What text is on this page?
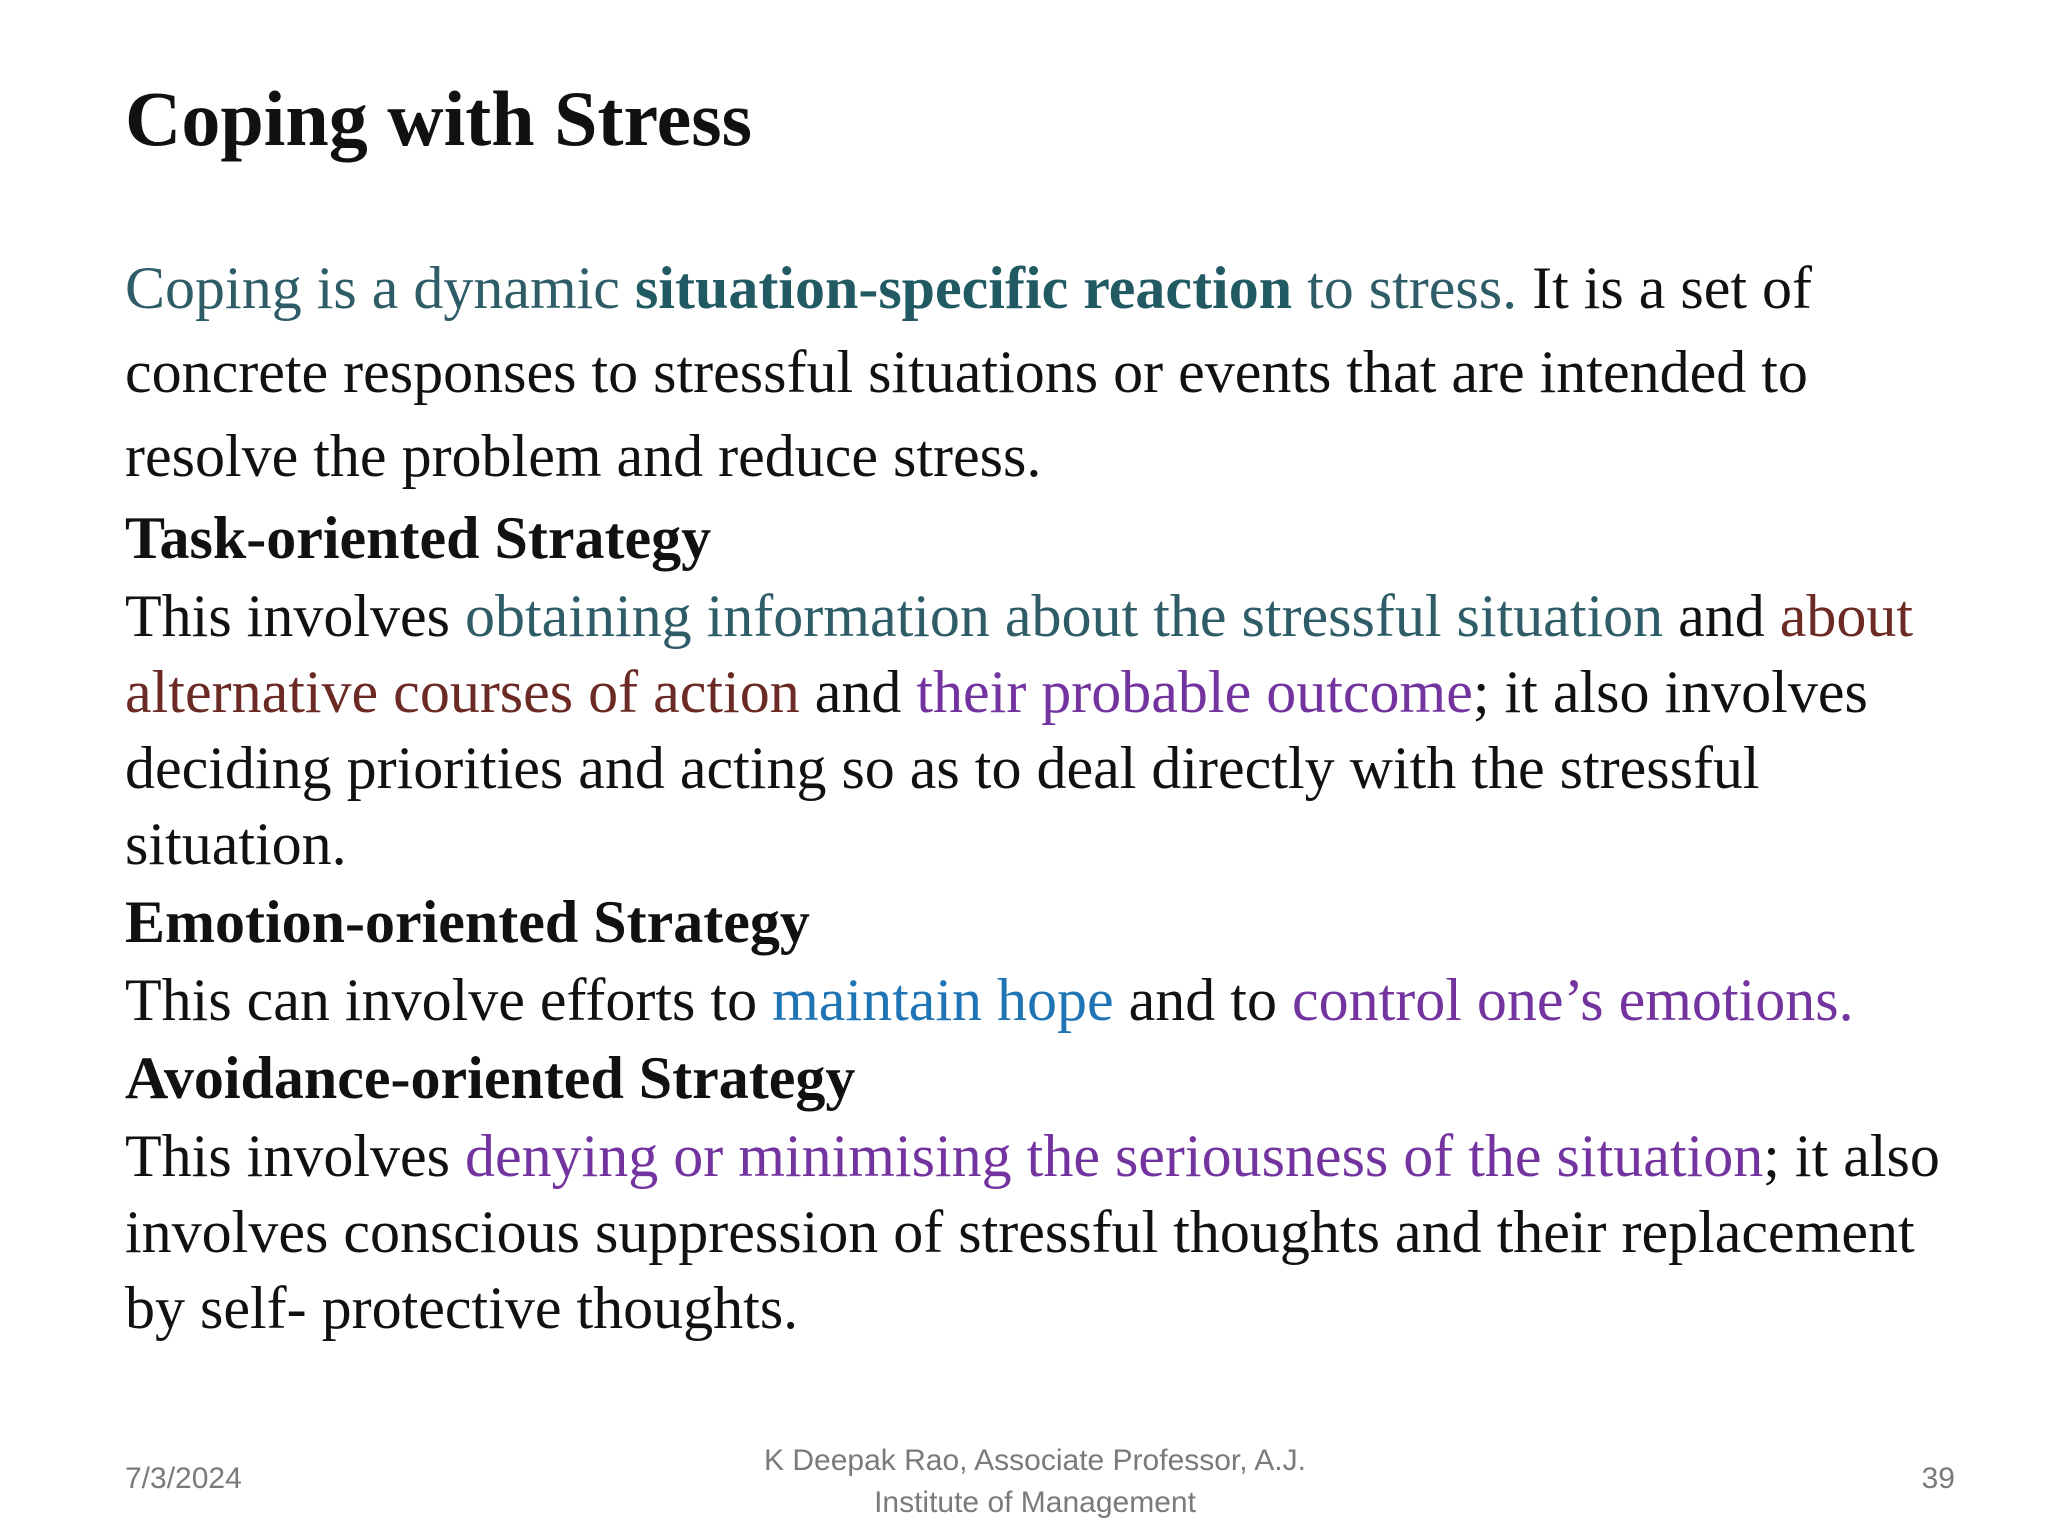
Coping with Stress

Coping is a dynamic situation-specific reaction to stress. It is a set of concrete responses to stressful situations or events that are intended to resolve the problem and reduce stress.

Task-oriented Strategy

This involves obtaining information about the stressful situation and about alternative courses of action and their probable outcome; it also involves deciding priorities and acting so as to deal directly with the stressful situation.

Emotion-oriented Strategy

This can involve efforts to maintain hope and to control one’s emotions.

Avoidance-oriented Strategy

This involves denying or minimising the seriousness of the situation; it also involves conscious suppression of stressful thoughts and their replacement by self- protective thoughts.

7/3/2024
K Deepak Rao, Associate Professor, A.J.
Institute of Management
39
